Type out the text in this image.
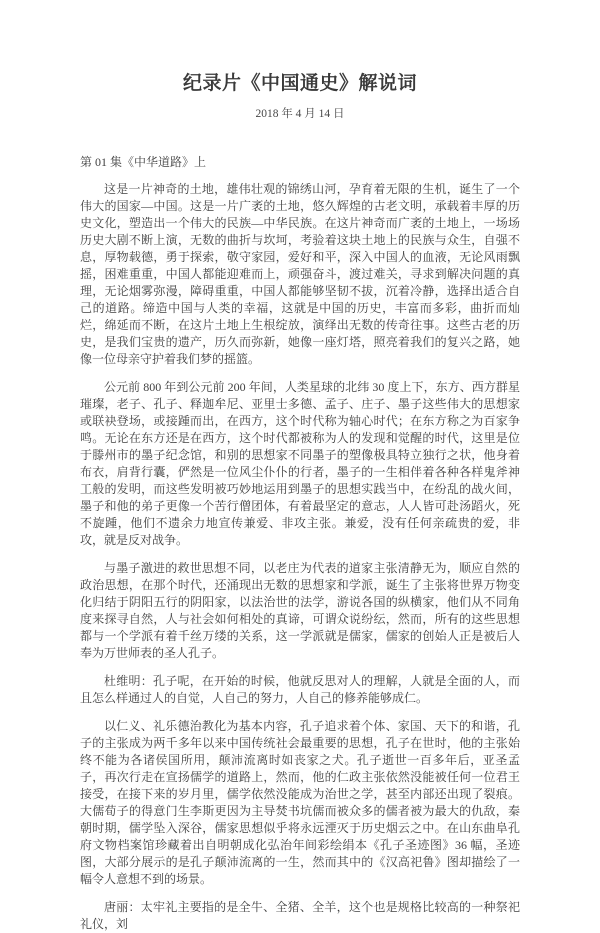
纪录片《中国通史》解说词
2018 年 4 月 14 日
第 01 集《中华道路》上

这是一片神奇的土地，雄伟壮观的锦绣山河，孕育着无限的生机，诞生了一个伟大的国家—中国。这是一片广袤的土地，悠久辉煌的古老文明，承载着丰厚的历史文化，塑造出一个伟大的民族—中华民族。在这片神奇而广袤的土地上，一场场历史大剧不断上演，无数的曲折与坎坷，考验着这块土地上的民族与众生，自强不息，厚物载德，勇于探索，敬守家园，爱好和平，深入中国人的血液，无论风雨飘摇，困难重重，中国人都能迎难而上，顽强奋斗，渡过难关，寻求到解决问题的真理，无论烟雾弥漫，障碍重重，中国人都能够坚韧不拔，沉着冷静，选择出适合自己的道路。缔造中国与人类的幸福，这就是中国的历史，丰富而多彩，曲折而灿烂，绵延而不断，在这片土地上生根绽放，演绎出无数的传奇往事。这些古老的历史，是我们宝贵的遗产，历久而弥新，她像一座灯塔，照亮着我们的复兴之路，她像一位母亲守护着我们梦的摇篮。

公元前 800 年到公元前 200 年间，人类星球的北纬 30 度上下，东方、西方群星璀璨，老子、孔子、释迦牟尼、亚里士多德、孟子、庄子、墨子这些伟大的思想家或联袂登场，或接踵而出，在西方，这个时代称为轴心时代；在东方称之为百家争鸣。无论在东方还是在西方，这个时代都被称为人的发现和觉醒的时代，这里是位于滕州市的墨子纪念馆，和别的思想家不同墨子的塑像极具特立独行之状，他身着布衣，肩背行囊，俨然是一位风尘仆仆的行者，墨子的一生相伴着各种各样鬼斧神工般的发明，而这些发明被巧妙地运用到墨子的思想实践当中，在纷乱的战火间，墨子和他的弟子更像一个苦行僧团体，有着最坚定的意志，人人皆可赴汤蹈火，死不旋踵，他们不遗余力地宣传兼爱、非攻主张。兼爱，没有任何亲疏贵的爱，非攻，就是反对战争。

与墨子激进的救世思想不同，以老庄为代表的道家主张清静无为，顺应自然的政治思想，在那个时代，还涌现出无数的思想家和学派，诞生了主张将世界万物变化归结于阴阳五行的阴阳家，以法治世的法学，游说各国的纵横家，他们从不同角度来探寻自然，人与社会如何相处的真谛，可谓众说纷纭，然而，所有的这些思想都与一个学派有着千丝万缕的关系，这一学派就是儒家，儒家的创始人正是被后人奉为万世师表的圣人孔子。

杜维明：孔子呢，在开始的时候，他就反思对人的理解，人就是全面的人，而且怎么样通过人的自觉，人自己的努力，人自己的修养能够成仁。

以仁义、礼乐德治教化为基本内容，孔子追求着个体、家国、天下的和谐，孔子的主张成为两千多年以来中国传统社会最重要的思想，孔子在世时，他的主张始终不能为各诸侯国所用，颠沛流离时如丧家之犬。孔子逝世一百多年后，亚圣孟子，再次行走在宣扬儒学的道路上，然而，他的仁政主张依然没能被任何一位君王接受，在接下来的岁月里，儒学依然没能成为治世之学，甚至内部还出现了裂痕。大儒荀子的得意门生李斯更因为主导焚书坑儒而被众多的儒者被为最大的仇敌，秦朝时期，儒学坠入深谷，儒家思想似乎将永远湮灭于历史烟云之中。在山东曲阜孔府文物档案馆珍藏着出自明朝成化弘治年间彩绘绢本《孔子圣迹图》36 幅，圣迹图，大部分展示的是孔子颠沛流离的一生，然而其中的《汉高祀鲁》图却描绘了一幅令人意想不到的场景。

唐丽：太牢礼主要指的是全牛、全猪、全羊，这个也是规格比较高的一种祭祀礼仪，刘
